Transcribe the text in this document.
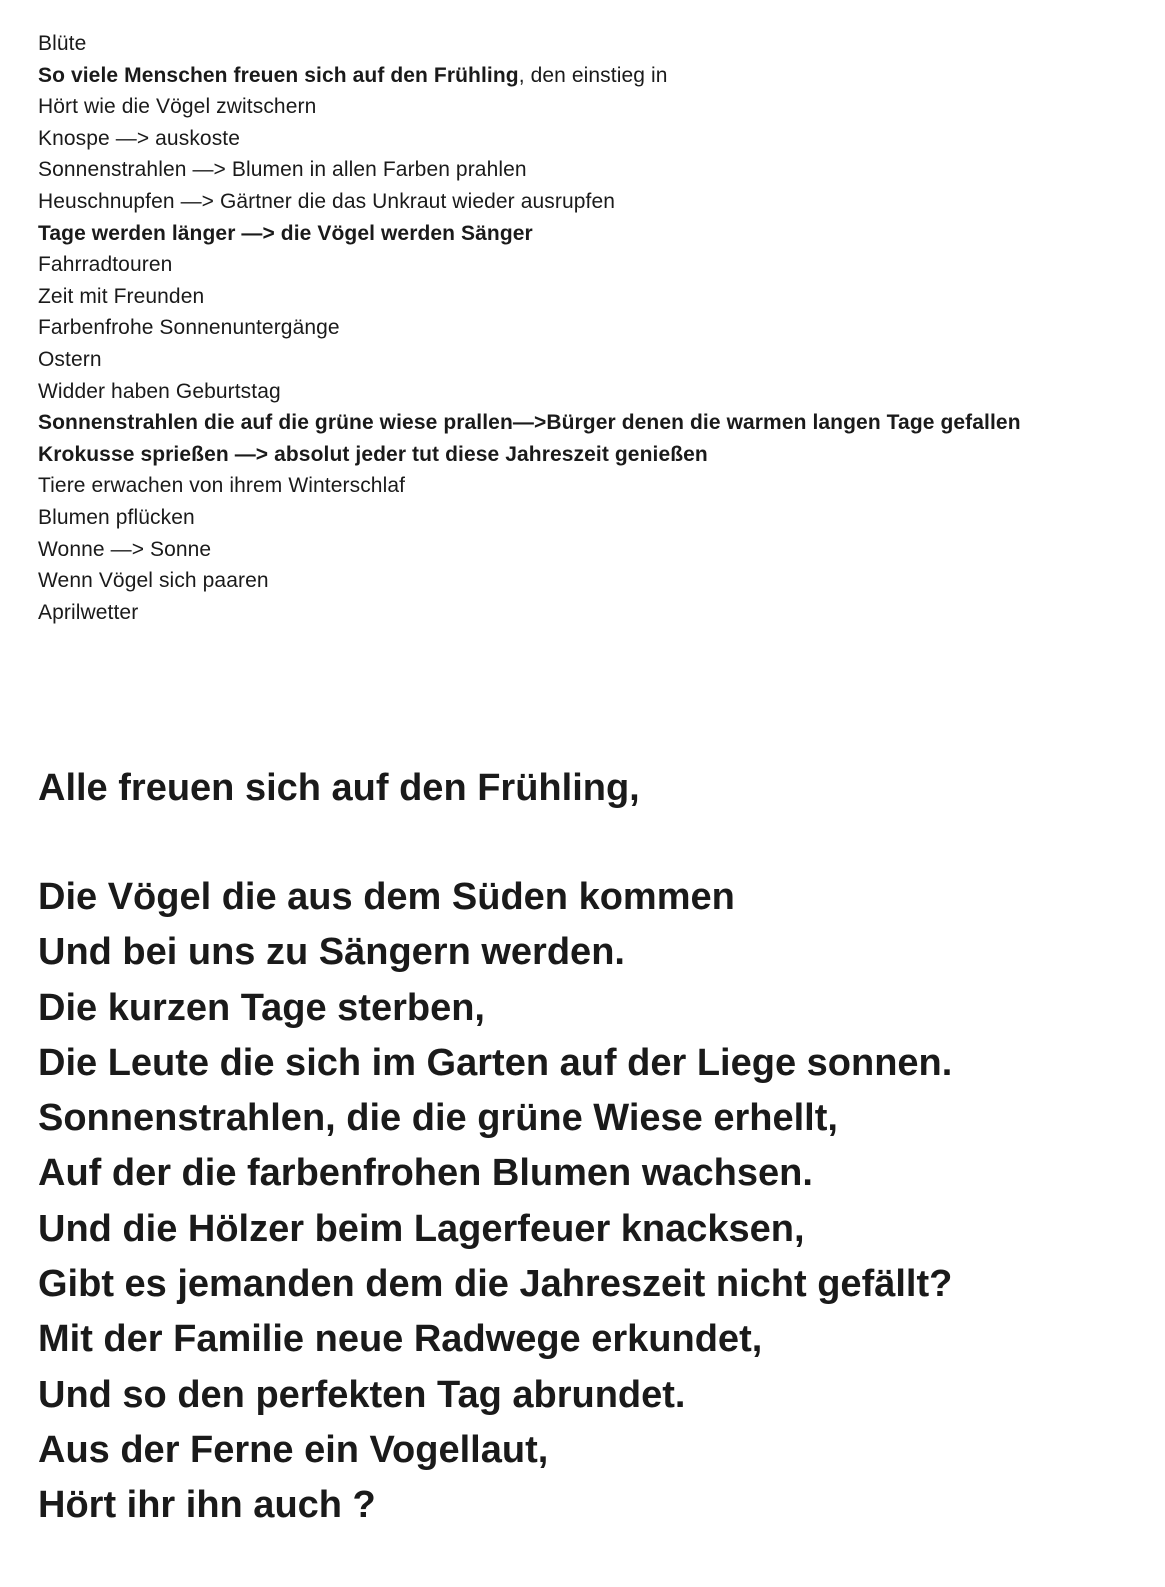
Blüte
So viele Menschen freuen sich auf den Frühling, den einstieg in
Hört wie die Vögel zwitschern
Knospe —> auskoste
Sonnenstrahlen —> Blumen in allen Farben prahlen
Heuschnupfen —> Gärtner die das Unkraut wieder ausrupfen
Tage werden länger —> die Vögel werden Sänger
Fahrradtouren
Zeit mit Freunden
Farbenfrohe Sonnenuntergänge
Ostern
Widder haben Geburtstag
Sonnenstrahlen die auf die grüne wiese prallen—>Bürger denen die warmen langen Tage gefallen
Krokusse sprießen —> absolut jeder tut diese Jahreszeit genießen
Tiere erwachen von ihrem Winterschlaf
Blumen pflücken
Wonne —> Sonne
Wenn Vögel sich paaren
Aprilwetter
Alle freuen sich auf den Frühling,
Die Vögel die aus dem Süden kommen
Und bei uns zu Sängern werden.
Die kurzen Tage sterben,
Die Leute die sich im Garten auf der Liege sonnen.
Sonnenstrahlen, die die grüne Wiese erhellt,
Auf der die farbenfrohen Blumen wachsen.
Und die Hölzer beim Lagerfeuer knacksen,
Gibt es jemanden dem die Jahreszeit nicht gefällt?
Mit der Familie neue Radwege erkundet,
Und so den perfekten Tag abrundet.
Aus der Ferne ein Vogellaut,
Hört ihr ihn auch ?
